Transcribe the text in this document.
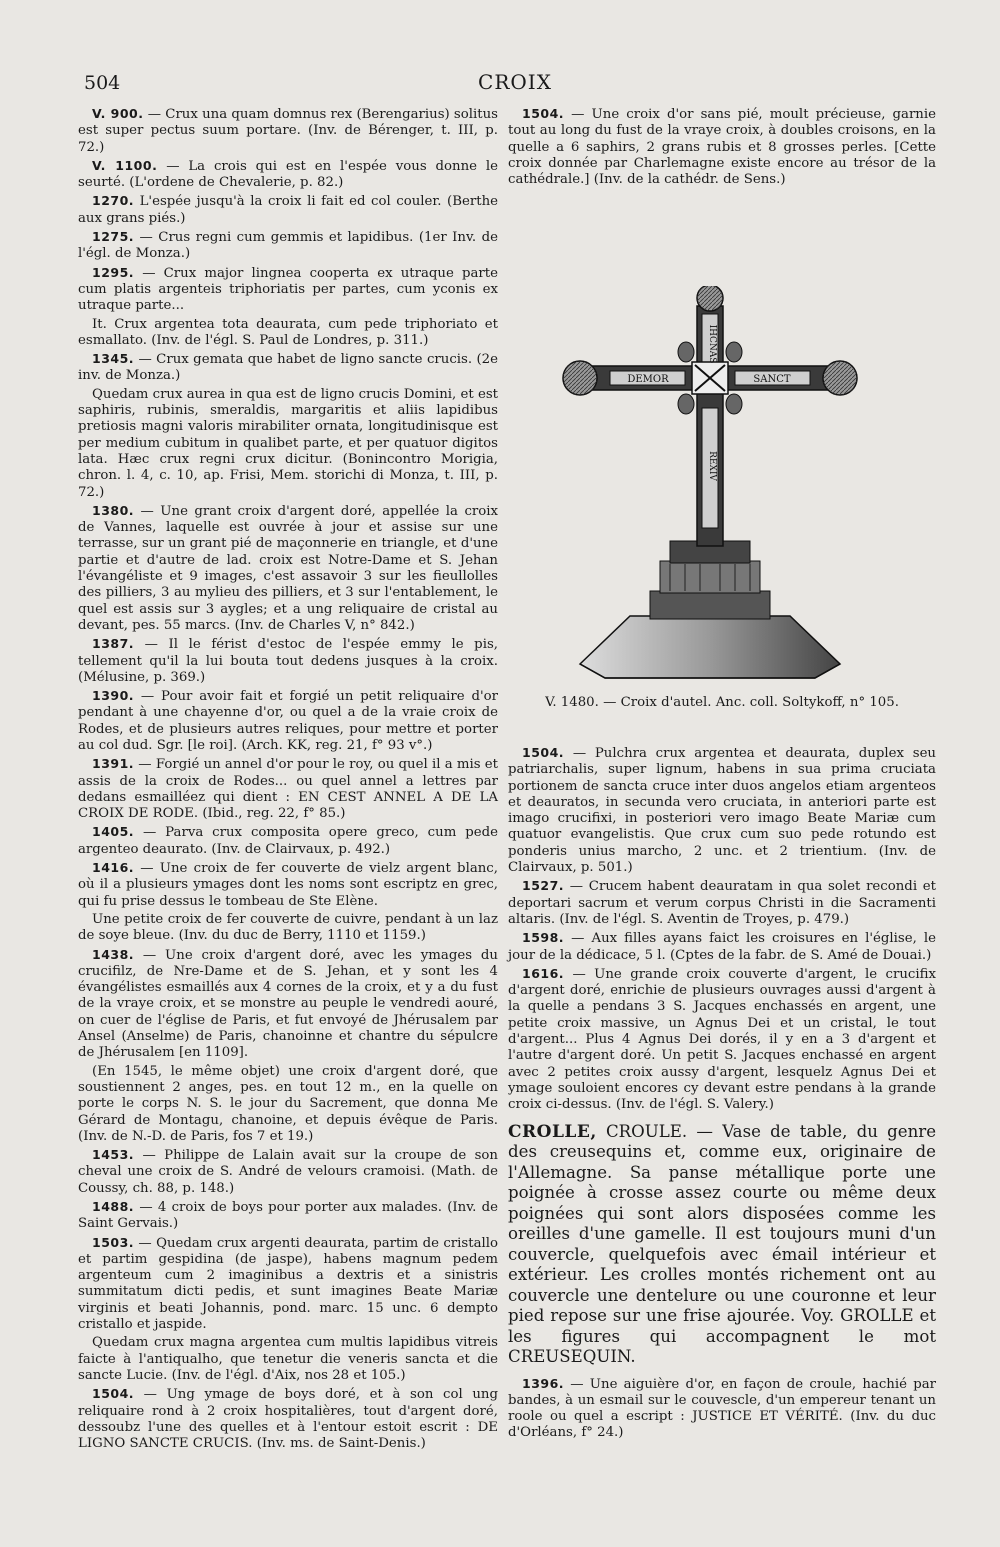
504	CROIX

V. 900. — Crux una quam domnus rex (Berengarius) solitus est super pectus suum portare. (Inv. de Bérenger, t. III, p. 72.)

V. 1100. — La crois qui est en l'espée vous donne le seurté. (L'ordene de Chevalerie, p. 82.)

1270. L'espée jusqu'à la croix li fait ed col couler. (Berthe aux grans piés.)

1275. — Crus regni cum gemmis et lapidibus. (1er Inv. de l'égl. de Monza.)

1295. — Crux major lingnea cooperta ex utraque parte cum platis argenteis triphoriatis per partes, cum yconis ex utraque parte...

It. Crux argentea tota deaurata, cum pede triphoriato et esmallato. (Inv. de l'égl. S. Paul de Londres, p. 311.)

1345. — Crux gemata que habet de ligno sancte crucis. (2e inv. de Monza.)

Quedam crux aurea in qua est de ligno crucis Domini, et est saphiris, rubinis, smeraldis, margaritis et aliis lapidibus pretiosis magni valoris mirabiliter ornata, longitudinisque est per medium cubitum in qualibet parte, et per quatuor digitos lata. Hæc crux regni crux dicitur. (Bonincontro Morigia, chron. l. 4, c. 10, ap. Frisi, Mem. storichi di Monza, t. III, p. 72.)

1380. — Une grant croix d'argent doré, appellée la croix de Vannes, laquelle est ouvrée à jour et assise sur une terrasse, sur un grant pié de maçonnerie en triangle, et d'une partie et d'autre de lad. croix est Notre-Dame et S. Jehan l'évangéliste et 9 images, c'est assavoir 3 sur les fieullolles des pilliers, 3 au mylieu des pilliers, et 3 sur l'entablement, le quel est assis sur 3 aygles; et a ung reliquaire de cristal au devant, pes. 55 marcs. (Inv. de Charles V, n° 842.)

1387. — Il le férist d'estoc de l'espée emmy le pis, tellement qu'il la lui bouta tout dedens jusques à la croix. (Mélusine, p. 369.)

1390. — Pour avoir fait et forgié un petit reliquaire d'or pendant à une chayenne d'or, ou quel a de la vraie croix de Rodes, et de plusieurs autres reliques, pour mettre et porter au col dud. Sgr. [le roi]. (Arch. KK, reg. 21, f° 93 v°.)

1391. — Forgié un annel d'or pour le roy, ou quel il a mis et assis de la croix de Rodes... ou quel annel a lettres par dedans esmailléez qui dient : EN CEST ANNEL A DE LA CROIX DE RODE. (Ibid., reg. 22, f° 85.)

1405. — Parva crux composita opere greco, cum pede argenteo deaurato. (Inv. de Clairvaux, p. 492.)

1416. — Une croix de fer couverte de vielz argent blanc, où il a plusieurs ymages dont les noms sont escriptz en grec, qui fu prise dessus le tombeau de Ste Elène.

Une petite croix de fer couverte de cuivre, pendant à un laz de soye bleue. (Inv. du duc de Berry, 1110 et 1159.)

1438. — Une croix d'argent doré, avec les ymages du crucifilz, de Nre-Dame et de S. Jehan, et y sont les 4 évangélistes esmaillés aux 4 cornes de la croix, et y a du fust de la vraye croix, et se monstre au peuple le vendredi aouré, on cuer de l'église de Paris, et fut envoyé de Jhérusalem par Ansel (Anselme) de Paris, chanoinne et chantre du sépulcre de Jhérusalem [en 1109].

(En 1545, le même objet) une croix d'argent doré, que soustiennent 2 anges, pes. en tout 12 m., en la quelle on porte le corps N. S. le jour du Sacrement, que donna Me Gérard de Montagu, chanoine, et depuis évêque de Paris. (Inv. de N.-D. de Paris, fos 7 et 19.)

1453. — Philippe de Lalain avait sur la croupe de son cheval une croix de S. André de velours cramoisi. (Math. de Coussy, ch. 88, p. 148.)

1488. — 4 croix de boys pour porter aux malades. (Inv. de Saint Gervais.)

1503. — Quedam crux argenti deaurata, partim de cristallo et partim gespidina (de jaspe), habens magnum pedem argenteum cum 2 imaginibus a dextris et a sinistris summitatum dicti pedis, et sunt imagines Beate Mariæ virginis et beati Johannis, pond. marc. 15 unc. 6 dempto cristallo et jaspide.

Quedam crux magna argentea cum multis lapidibus vitreis faicte à l'antiqualho, que tenetur die veneris sancta et die sancte Lucie. (Inv. de l'égl. d'Aix, nos 28 et 105.)

1504. — Ung ymage de boys doré, et à son col ung reliquaire rond à 2 croix hospitalières, tout d'argent doré, dessoubz l'une des quelles et à l'entour estoit escrit : DE LIGNO SANCTE CRUCIS. (Inv. ms. de Saint-Denis.)

1504. — Une croix d'or sans pié, moult précieuse, garnie tout au long du fust de la vraye croix, à doubles croisons, en la quelle a 6 saphirs, 2 grans rubis et 8 grosses perles. [Cette croix donnée par Charlemagne existe encore au trésor de la cathédrale.] (Inv. de la cathédr. de Sens.)

IHCNAS
DEMOR	SANCT
REXIV
V. 1480. — Croix d'autel. Anc. coll. Soltykoff, n° 105.

1504. — Pulchra crux argentea et deaurata, duplex seu patriarchalis, super lignum, habens in sua prima cruciata portionem de sancta cruce inter duos angelos etiam argenteos et deauratos, in secunda vero cruciata, in anteriori parte est imago crucifixi, in posteriori vero imago Beate Mariæ cum quatuor evangelistis. Que crux cum suo pede rotundo est ponderis unius marcho, 2 unc. et 2 trientium. (Inv. de Clairvaux, p. 501.)

1527. — Crucem habent deauratam in qua solet recondi et deportari sacrum et verum corpus Christi in die Sacramenti altaris. (Inv. de l'égl. S. Aventin de Troyes, p. 479.)

1598. — Aux filles ayans faict les croisures en l'église, le jour de la dédicace, 5 l. (Cptes de la fabr. de S. Amé de Douai.)

1616. — Une grande croix couverte d'argent, le crucifix d'argent doré, enrichie de plusieurs ouvrages aussi d'argent à la quelle a pendans 3 S. Jacques enchassés en argent, une petite croix massive, un Agnus Dei et un cristal, le tout d'argent... Plus 4 Agnus Dei dorés, il y en a 3 d'argent et l'autre d'argent doré. Un petit S. Jacques enchassé en argent avec 2 petites croix aussy d'argent, lesquelz Agnus Dei et ymage souloient encores cy devant estre pendans à la grande croix ci-dessus. (Inv. de l'égl. S. Valery.)

CROLLE, CROULE. — Vase de table, du genre des creusequins et, comme eux, originaire de l'Allemagne. Sa panse métallique porte une poignée à crosse assez courte ou même deux poignées qui sont alors disposées comme les oreilles d'une gamelle. Il est toujours muni d'un couvercle, quelquefois avec émail intérieur et extérieur. Les crolles montés richement ont au couvercle une dentelure ou une couronne et leur pied repose sur une frise ajourée. Voy. GROLLE et les figures qui accompagnent le mot CREUSEQUIN.

1396. — Une aiguière d'or, en façon de croule, hachié par bandes, à un esmail sur le couvescle, d'un empereur tenant un roole ou quel a escript : JUSTICE ET VÉRITÉ. (Inv. du duc d'Orléans, f° 24.)
